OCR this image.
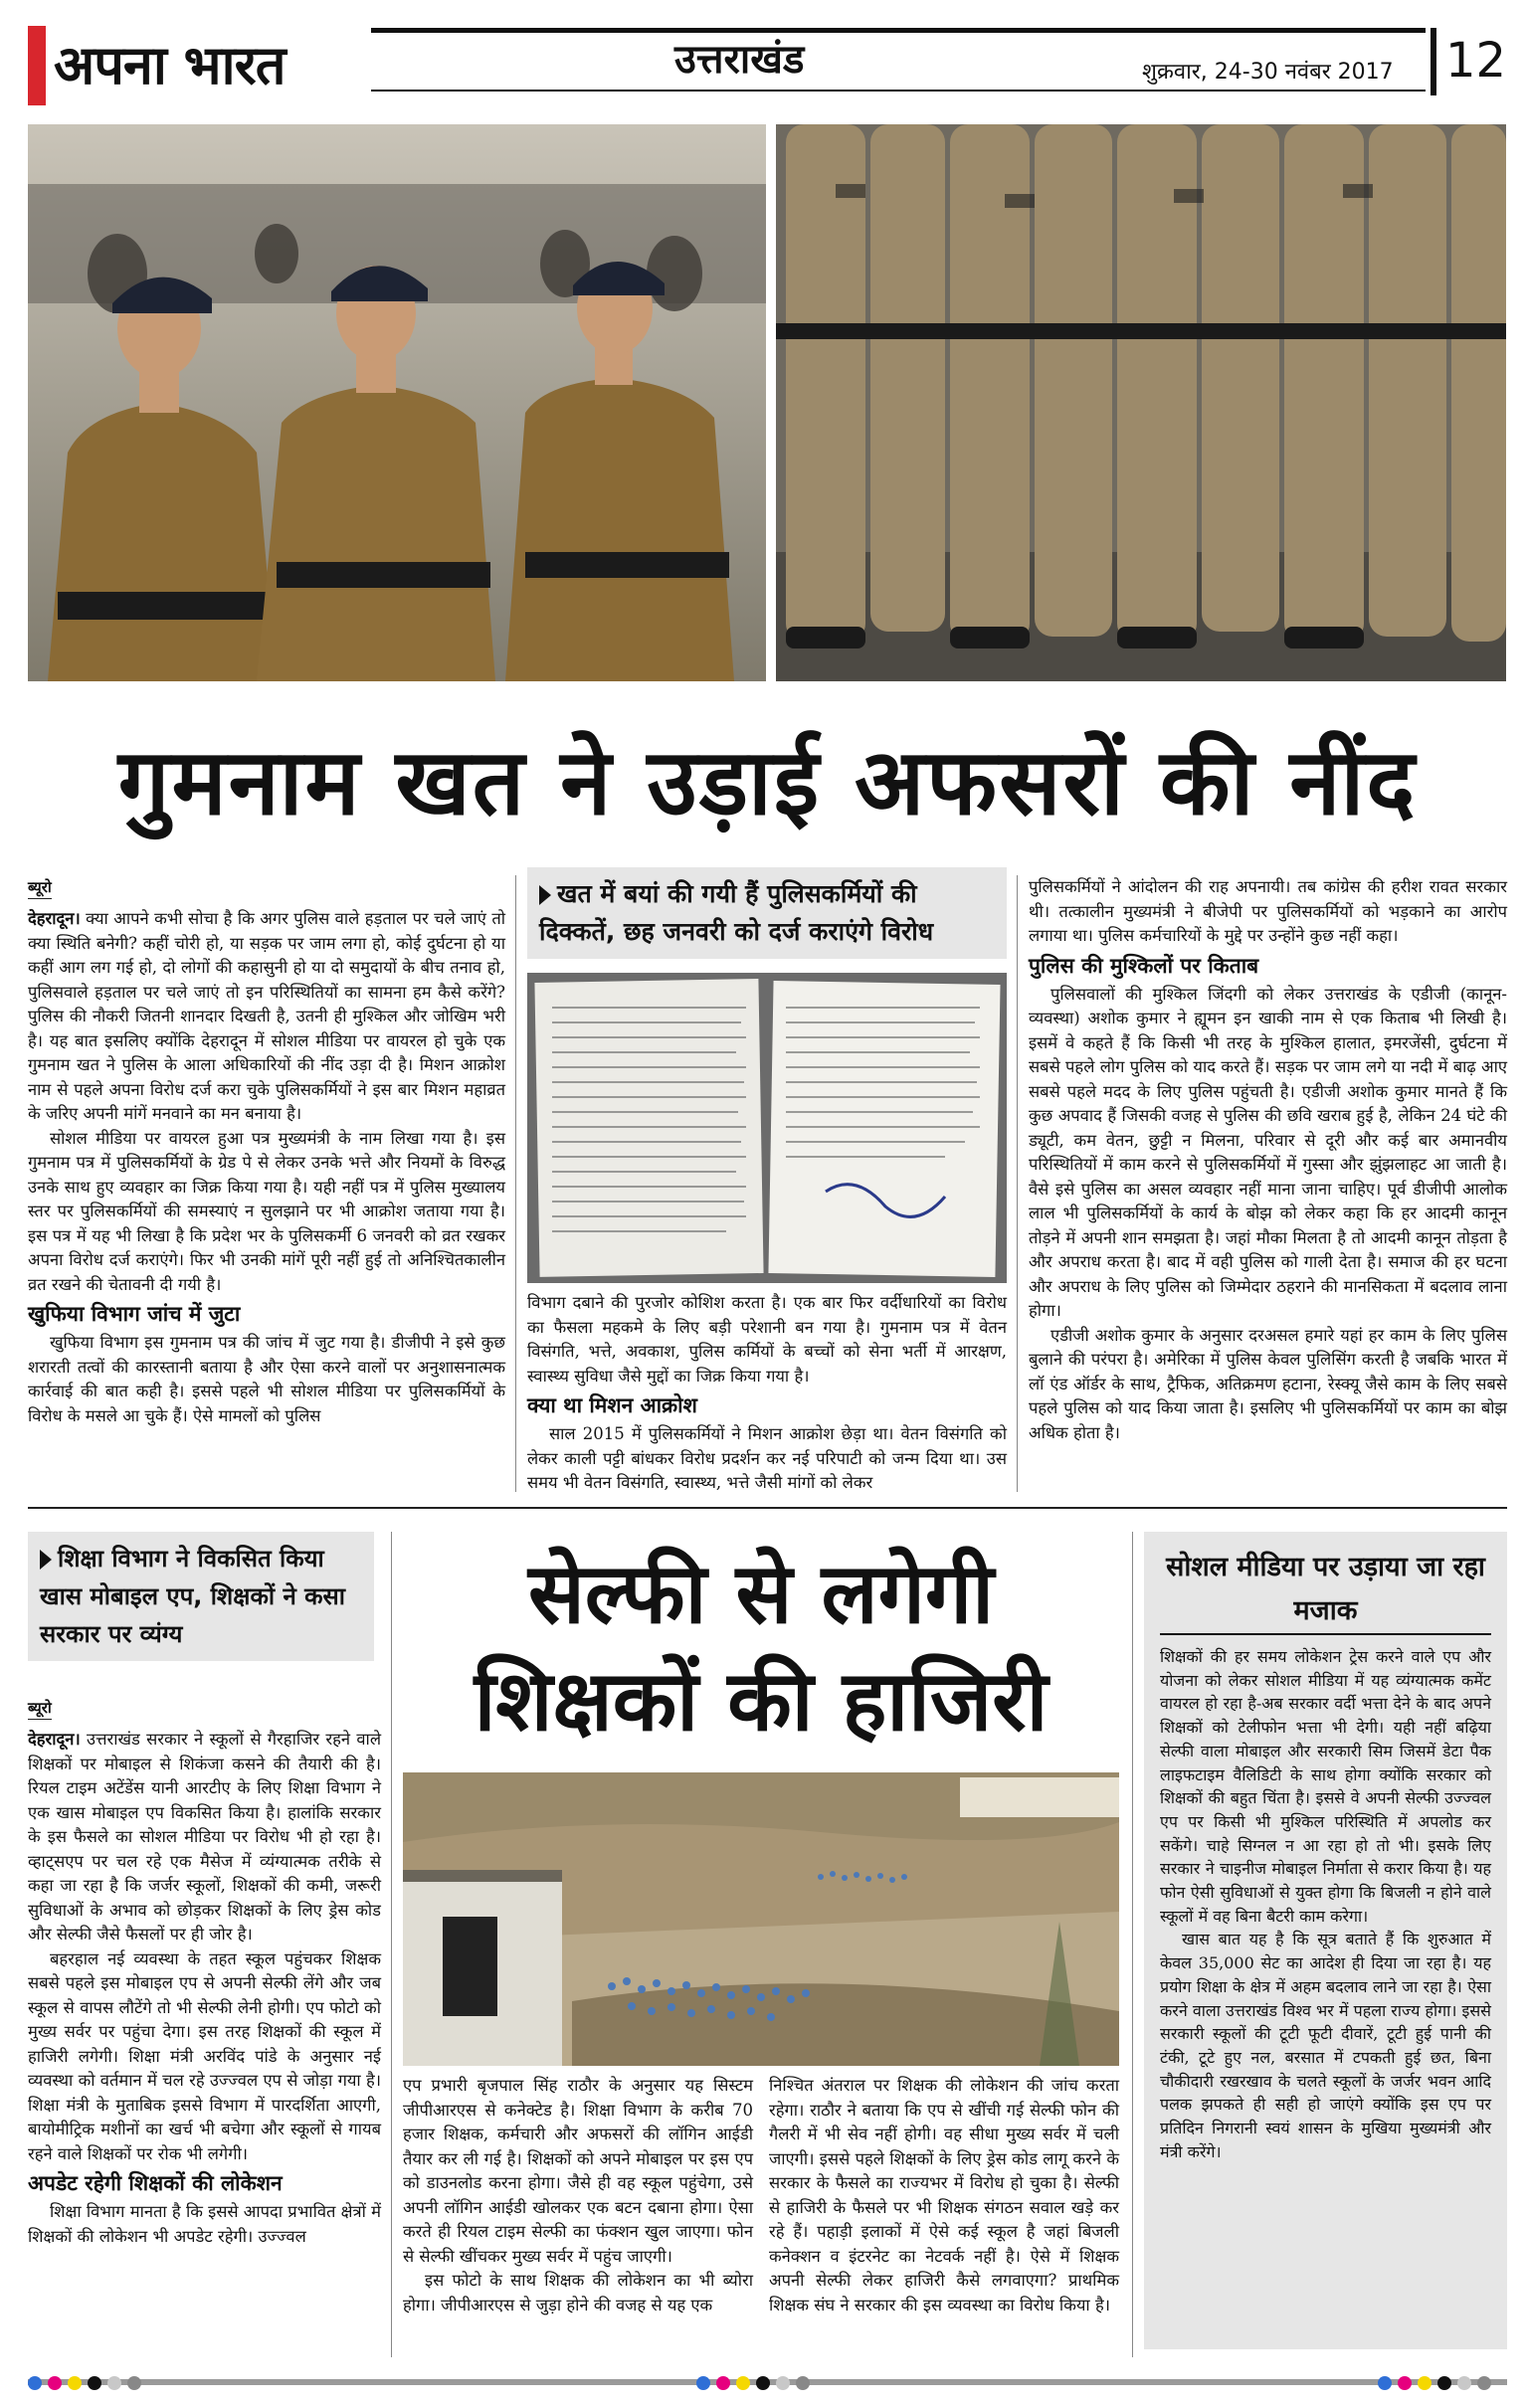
अपना भारत	उत्तराखंड	शुक्रवार, 24-30 नवंबर 2017 12
गुमनाम खत ने उड़ाई अफसरों की नींद
ब्यूरो

देहरादून। क्या आपने कभी सोचा है कि अगर पुलिस वाले हड़ताल पर चले जाएं तो क्या स्थिति बनेगी? कहीं चोरी हो, या सड़क पर जाम लगा हो, कोई दुर्घटना हो या कहीं आग लग गई हो, दो लोगों की कहासुनी हो या दो समुदायों के बीच तनाव हो, पुलिसवाले हड़ताल पर चले जाएं तो इन परिस्थितियों का सामना हम कैसे करेंगे? पुलिस की नौकरी जितनी शानदार दिखती है, उतनी ही मुश्किल और जोखिम भरी है। यह बात इसलिए क्योंकि देहरादून में सोशल मीडिया पर वायरल हो चुके एक गुमनाम खत ने पुलिस के आला अधिकारियों की नींद उड़ा दी है। मिशन आक्रोश नाम से पहले अपना विरोध दर्ज करा चुके पुलिसकर्मियों ने इस बार मिशन महाव्रत के जरिए अपनी मांगें मनवाने का मन बनाया है।

सोशल मीडिया पर वायरल हुआ पत्र मुख्यमंत्री के नाम लिखा गया है। इस गुमनाम पत्र में पुलिसकर्मियों के ग्रेड पे से लेकर उनके भत्ते और नियमों के विरुद्ध उनके साथ हुए व्यवहार का जिक्र किया गया है। यही नहीं पत्र में पुलिस मुख्यालय स्तर पर पुलिसकर्मियों की समस्याएं न सुलझाने पर भी आक्रोश जताया गया है। इस पत्र में यह भी लिखा है कि प्रदेश भर के पुलिसकर्मी 6 जनवरी को व्रत रखकर अपना विरोध दर्ज कराएंगे। फिर भी उनकी मांगें पूरी नहीं हुई तो अनिश्चितकालीन व्रत रखने की चेतावनी दी गयी है।

खुफिया विभाग जांच में जुटा

खुफिया विभाग इस गुमनाम पत्र की जांच में जुट गया है। डीजीपी ने इसे कुछ शरारती तत्वों की कारस्तानी बताया है और ऐसा करने वालों पर अनुशासनात्मक कार्रवाई की बात कही है। इससे पहले भी सोशल मीडिया पर पुलिसकर्मियों के विरोध के मसले आ चुके हैं। ऐसे मामलों को पुलिस

खत में बयां की गयी हैं पुलिसकर्मियों की दिक्कतें, छह जनवरी को दर्ज कराएंगे विरोध

विभाग दबाने की पुरजोर कोशिश करता है। एक बार फिर वर्दीधारियों का विरोध का फैसला महकमे के लिए बड़ी परेशानी बन गया है। गुमनाम पत्र में वेतन विसंगति, भत्ते, अवकाश, पुलिस कर्मियों के बच्चों को सेना भर्ती में आरक्षण, स्वास्थ्य सुविधा जैसे मुद्दों का जिक्र किया गया है।

क्या था मिशन आक्रोश

साल 2015 में पुलिसकर्मियों ने मिशन आक्रोश छेड़ा था। वेतन विसंगति को लेकर काली पट्टी बांधकर विरोध प्रदर्शन कर नई परिपाटी को जन्म दिया था। उस समय भी वेतन विसंगति, स्वास्थ्य, भत्ते जैसी मांगों को लेकर

पुलिसकर्मियों ने आंदोलन की राह अपनायी। तब कांग्रेस की हरीश रावत सरकार थी। तत्कालीन मुख्यमंत्री ने बीजेपी पर पुलिसकर्मियों को भड़काने का आरोप लगाया था। पुलिस कर्मचारियों के मुद्दे पर उन्होंने कुछ नहीं कहा।

पुलिस की मुश्किलों पर किताब

पुलिसवालों की मुश्किल जिंदगी को लेकर उत्तराखंड के एडीजी (कानून-व्यवस्था) अशोक कुमार ने ह्यूमन इन खाकी नाम से एक किताब भी लिखी है। इसमें वे कहते हैं कि किसी भी तरह के मुश्किल हालात, इमरजेंसी, दुर्घटना में सबसे पहले लोग पुलिस को याद करते हैं। सड़क पर जाम लगे या नदी में बाढ़ आए सबसे पहले मदद के लिए पुलिस पहुंचती है। एडीजी अशोक कुमार मानते हैं कि कुछ अपवाद हैं जिसकी वजह से पुलिस की छवि खराब हुई है, लेकिन 24 घंटे की ड्यूटी, कम वेतन, छुट्टी न मिलना, परिवार से दूरी और कई बार अमानवीय परिस्थितियों में काम करने से पुलिसकर्मियों में गुस्सा और झुंझलाहट आ जाती है। वैसे इसे पुलिस का असल व्यवहार नहीं माना जाना चाहिए। पूर्व डीजीपी आलोक लाल भी पुलिसकर्मियों के कार्य के बोझ को लेकर कहा कि हर आदमी कानून तोड़ने में अपनी शान समझता है। जहां मौका मिलता है तो आदमी कानून तोड़ता है और अपराध करता है। बाद में वही पुलिस को गाली देता है। समाज की हर घटना और अपराध के लिए पुलिस को जिम्मेदार ठहराने की मानसिकता में बदलाव लाना होगा।

एडीजी अशोक कुमार के अनुसार दरअसल हमारे यहां हर काम के लिए पुलिस बुलाने की परंपरा है। अमेरिका में पुलिस केवल पुलिसिंग करती है जबकि भारत में लॉ एंड ऑर्डर के साथ, ट्रैफिक, अतिक्रमण हटाना, रेस्क्यू जैसे काम के लिए सबसे पहले पुलिस को याद किया जाता है। इसलिए भी पुलिसकर्मियों पर काम का बोझ अधिक होता है।

शिक्षा विभाग ने विकसित किया खास मोबाइल एप, शिक्षकों ने कसा सरकार पर व्यंग्य	सेल्फी से लगेगी
शिक्षकों की हाजिरी
ब्यूरो

देहरादून। उत्तराखंड सरकार ने स्कूलों से गैरहाजिर रहने वाले शिक्षकों पर मोबाइल से शिकंजा कसने की तैयारी की है। रियल टाइम अटेंडेंस यानी आरटीए के लिए शिक्षा विभाग ने एक खास मोबाइल एप विकसित किया है। हालांकि सरकार के इस फैसले का सोशल मीडिया पर विरोध भी हो रहा है। व्हाट्सएप पर चल रहे एक मैसेज में व्यंग्यात्मक तरीके से कहा जा रहा है कि जर्जर स्कूलों, शिक्षकों की कमी, जरूरी सुविधाओं के अभाव को छोड़कर शिक्षकों के लिए ड्रेस कोड और सेल्फी जैसे फैसलों पर ही जोर है।

बहरहाल नई व्यवस्था के तहत स्कूल पहुंचकर शिक्षक सबसे पहले इस मोबाइल एप से अपनी सेल्फी लेंगे और जब स्कूल से वापस लौटेंगे तो भी सेल्फी लेनी होगी। एप फोटो को मुख्य सर्वर पर पहुंचा देगा। इस तरह शिक्षकों की स्कूल में हाजिरी लगेगी। शिक्षा मंत्री अरविंद पांडे के अनुसार नई व्यवस्था को वर्तमान में चल रहे उज्ज्वल एप से जोड़ा गया है। शिक्षा मंत्री के मुताबिक इससे विभाग में पारदर्शिता आएगी, बायोमीट्रिक मशीनों का खर्च भी बचेगा और स्कूलों से गायब रहने वाले शिक्षकों पर रोक भी लगेगी।

अपडेट रहेगी शिक्षकों की लोकेशन

शिक्षा विभाग मानता है कि इससे आपदा प्रभावित क्षेत्रों में शिक्षकों की लोकेशन भी अपडेट रहेगी। उज्ज्वल

एप प्रभारी बृजपाल सिंह राठौर के अनुसार यह सिस्टम जीपीआरएस से कनेक्टेड है। शिक्षा विभाग के करीब 70 हजार शिक्षक, कर्मचारी और अफसरों की लॉगिन आईडी तैयार कर ली गई है। शिक्षकों को अपने मोबाइल पर इस एप को डाउनलोड करना होगा। जैसे ही वह स्कूल पहुंचेगा, उसे अपनी लॉगिन आईडी खोलकर एक बटन दबाना होगा। ऐसा करते ही रियल टाइम सेल्फी का फंक्शन खुल जाएगा। फोन से सेल्फी खींचकर मुख्य सर्वर में पहुंच जाएगी।

इस फोटो के साथ शिक्षक की लोकेशन का भी ब्योरा होगा। जीपीआरएस से जुड़ा होने की वजह से यह एक

निश्चित अंतराल पर शिक्षक की लोकेशन की जांच करता रहेगा। राठौर ने बताया कि एप से खींची गई सेल्फी फोन की गैलरी में भी सेव नहीं होगी। वह सीधा मुख्य सर्वर में चली जाएगी। इससे पहले शिक्षकों के लिए ड्रेस कोड लागू करने के सरकार के फैसले का राज्यभर में विरोध हो चुका है। सेल्फी से हाजिरी के फैसले पर भी शिक्षक संगठन सवाल खड़े कर रहे हैं। पहाड़ी इलाकों में ऐसे कई स्कूल है जहां बिजली कनेक्शन व इंटरनेट का नेटवर्क नहीं है। ऐसे में शिक्षक अपनी सेल्फी लेकर हाजिरी कैसे लगवाएगा? प्राथमिक शिक्षक संघ ने सरकार की इस व्यवस्था का विरोध किया है।

सोशल मीडिया पर उड़ाया जा रहा मजाक

शिक्षकों की हर समय लोकेशन ट्रेस करने वाले एप और योजना को लेकर सोशल मीडिया में यह व्यंग्यात्मक कमेंट वायरल हो रहा है-अब सरकार वर्दी भत्ता देने के बाद अपने शिक्षकों को टेलीफोन भत्ता भी देगी। यही नहीं बढ़िया सेल्फी वाला मोबाइल और सरकारी सिम जिसमें डेटा पैक लाइफटाइम वैलिडिटी के साथ होगा क्योंकि सरकार को शिक्षकों की बहुत चिंता है। इससे वे अपनी सेल्फी उज्ज्वल एप पर किसी भी मुश्किल परिस्थिति में अपलोड कर सकेंगे। चाहे सिग्नल न आ रहा हो तो भी। इसके लिए सरकार ने चाइनीज मोबाइल निर्माता से करार किया है। यह फोन ऐसी सुविधाओं से युक्त होगा कि बिजली न होने वाले स्कूलों में वह बिना बैटरी काम करेगा।

खास बात यह है कि सूत्र बताते हैं कि शुरुआत में केवल 35,000 सेट का आदेश ही दिया जा रहा है। यह प्रयोग शिक्षा के क्षेत्र में अहम बदलाव लाने जा रहा है। ऐसा करने वाला उत्तराखंड विश्व भर में पहला राज्य होगा। इससे सरकारी स्कूलों की टूटी फूटी दीवारें, टूटी हुई पानी की टंकी, टूटे हुए नल, बरसात में टपकती हुई छत, बिना चौकीदारी रखरखाव के चलते स्कूलों के जर्जर भवन आदि पलक झपकते ही सही हो जाएंगे क्योंकि इस एप पर प्रतिदिन निगरानी स्वयं शासन के मुखिया मुख्यमंत्री और मंत्री करेंगे।
